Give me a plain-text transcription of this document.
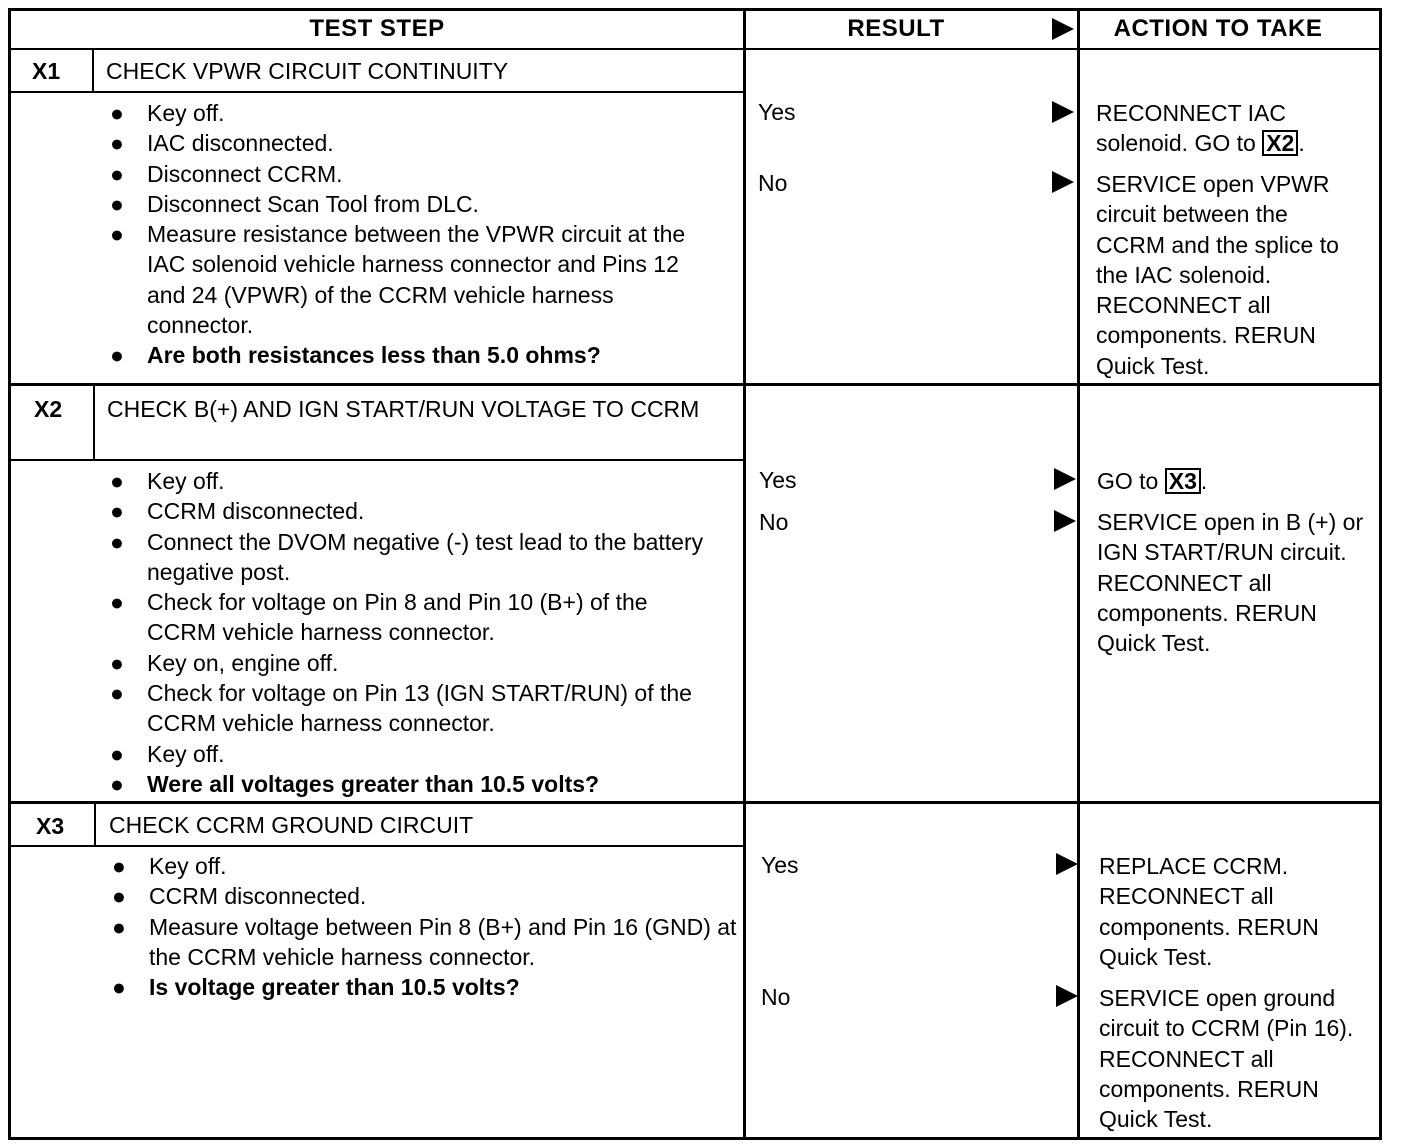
TEST STEP	RESULT	ACTION TO TAKE
X1 CHECK VPWR CIRCUIT CONTINUITY
● Key off.
● IAC disconnected.
● Disconnect CCRM.
● Disconnect Scan Tool from DLC.
● Measure resistance between the VPWR circuit at the IAC solenoid vehicle harness connector and Pins 12 and 24 (VPWR) of the CCRM vehicle harness connector.
● Are both resistances less than 5.0 ohms?
Yes	RECONNECT IAC solenoid. GO to X2 .
No	SERVICE open VPWR circuit between the CCRM and the splice to the IAC solenoid. RECONNECT all components. RERUN Quick Test.
X2 CHECK B(+) AND IGN START/RUN VOLTAGE TO CCRM
● Key off.
● CCRM disconnected.
● Connect the DVOM negative (-) test lead to the battery negative post.
● Check for voltage on Pin 8 and Pin 10 (B+) of the CCRM vehicle harness connector.
● Key on, engine off.
● Check for voltage on Pin 13 (IGN START/RUN) of the CCRM vehicle harness connector.
● Key off.
● Were all voltages greater than 10.5 volts?
Yes	GO to X3 .
No	SERVICE open in B (+) or IGN START/RUN circuit. RECONNECT all components. RERUN Quick Test.
X3 CHECK CCRM GROUND CIRCUIT
● Key off.
● CCRM disconnected.
● Measure voltage between Pin 8 (B+) and Pin 16 (GND) at the CCRM vehicle harness connector.
● Is voltage greater than 10.5 volts?
Yes	REPLACE CCRM. RECONNECT all components. RERUN Quick Test.
No	SERVICE open ground circuit to CCRM (Pin 16). RECONNECT all components. RERUN Quick Test.
